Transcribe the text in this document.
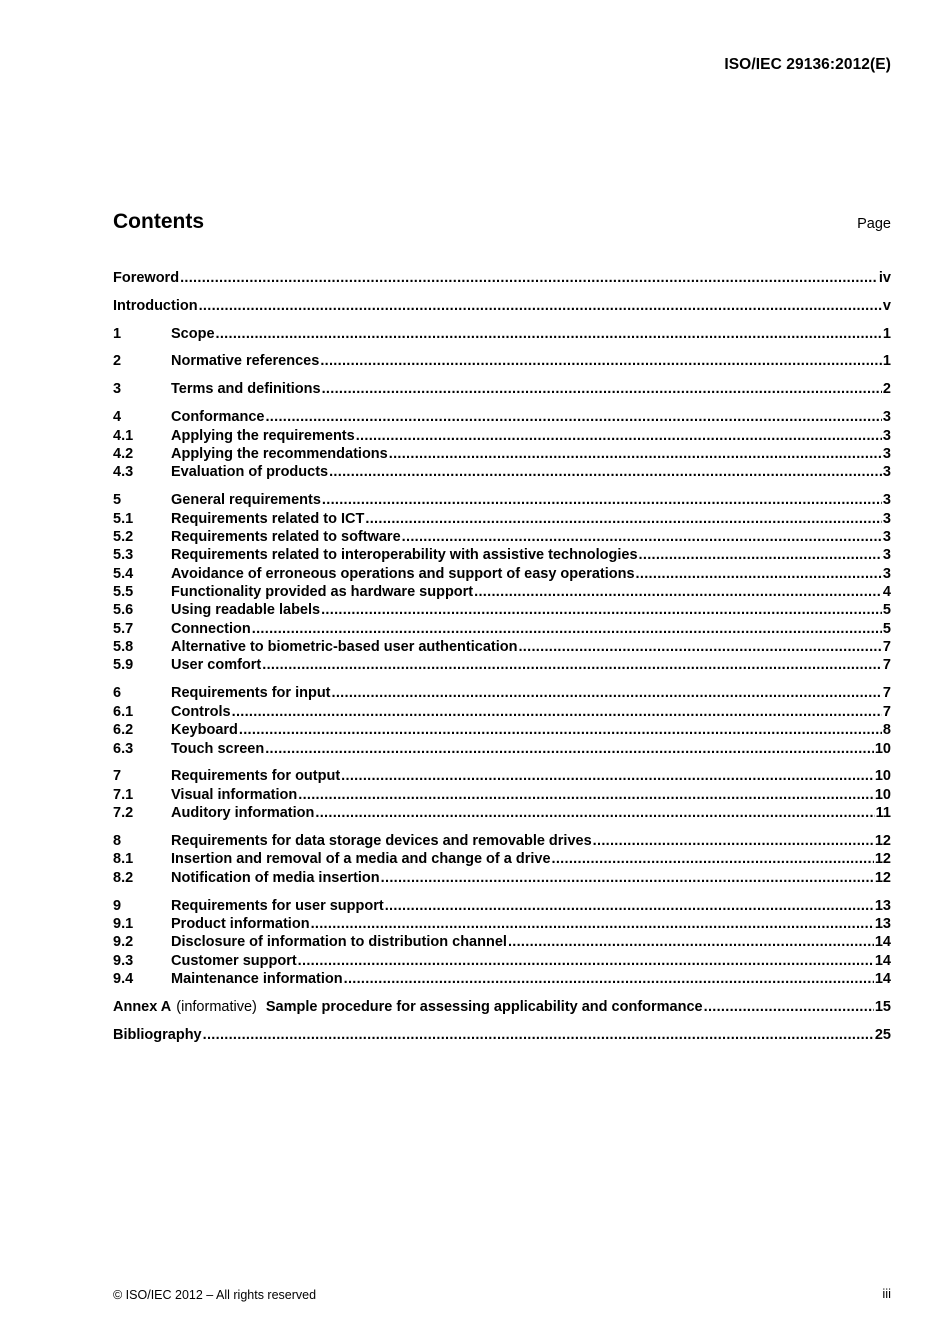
ISO/IEC 29136:2012(E)
Contents	Page
Foreword .....	iv
Introduction .....	v
1	Scope .....	1
2	Normative references .....	1
3	Terms and definitions .....	2
4	Conformance .....	3
4.1	Applying the requirements .....	3
4.2	Applying the recommendations .....	3
4.3	Evaluation of products .....	3
5	General requirements .....	3
5.1	Requirements related to ICT .....	3
5.2	Requirements related to software .....	3
5.3	Requirements related to interoperability with assistive technologies .....	3
5.4	Avoidance of erroneous operations and support of easy operations .....	3
5.5	Functionality provided as hardware support .....	4
5.6	Using readable labels .....	5
5.7	Connection .....	5
5.8	Alternative to biometric-based user authentication .....	7
5.9	User comfort .....	7
6	Requirements for input .....	7
6.1	Controls .....	7
6.2	Keyboard .....	8
6.3	Touch screen .....	10
7	Requirements for output .....	10
7.1	Visual information .....	10
7.2	Auditory information .....	11
8	Requirements for data storage devices and removable drives .....	12
8.1	Insertion and removal of a media and change of a drive .....	12
8.2	Notification of media insertion .....	12
9	Requirements for user support .....	13
9.1	Product information .....	13
9.2	Disclosure of information to distribution channel .....	14
9.3	Customer support .....	14
9.4	Maintenance information .....	14
Annex A (informative) Sample procedure for assessing applicability and conformance .....	15
Bibliography .....	25
© ISO/IEC 2012 – All rights reserved	iii
